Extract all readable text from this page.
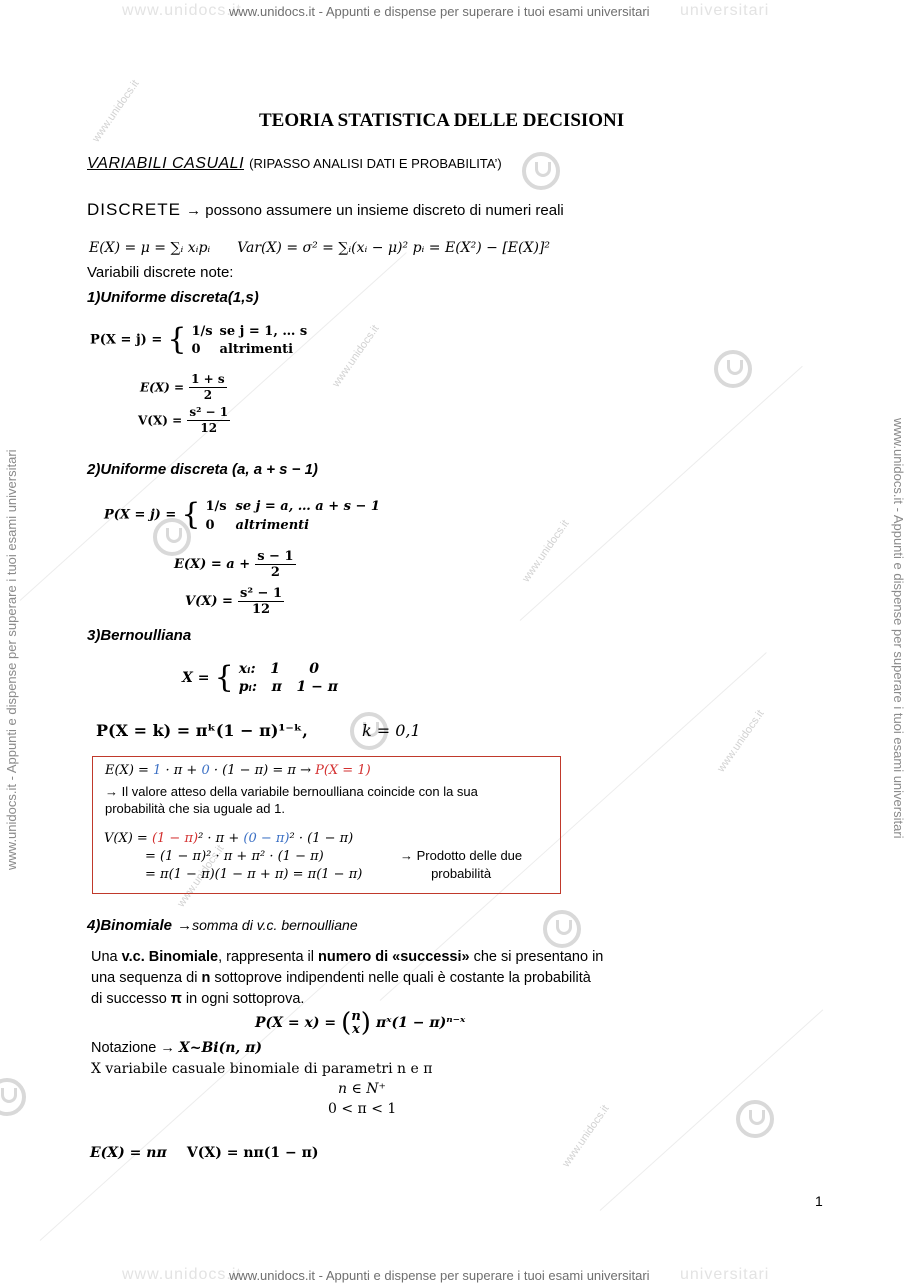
www.unidocs.it	universitari
www.unidocs.it - Appunti e dispense per superare i tuoi esami universitari
www.unidocs.it	universitari
www.unidocs.it - Appunti e dispense per superare i tuoi esami universitari
www.unidocs.it - Appunti e dispense per superare i tuoi esami universitari	www.unidocs.it - Appunti e dispense per superare i tuoi esami universitari
www.unidocs.it
www.unidocs.it
www.unidocs.it
www.unidocs.it
www.unidocs.it
www.unidocs.it
TEORIA STATISTICA DELLE DECISIONI
VARIABILI CASUALI (RIPASSO ANALISI DATI E PROBABILITA’)
DISCRETE → possono assumere un insieme discreto di numeri reali
E(X) = μ = ∑ᵢ xᵢpᵢ Var(X) = σ² = ∑ᵢ(xᵢ − μ)² pᵢ = E(X²) − [E(X)]²
Variabili discrete note:
1)Uniforme discreta(1,s)
P(X = j) = { 1/s se j = 1, … s
0 altrimenti
$E(X) = \frac{1 + s}{2}$
$V(X) = \frac{\text{s² − 1}}{12}$
2)Uniforme discreta (a, a + s − 1)
P(X = j) = { 1/s se j = a, … a + s − 1
0 altrimenti
$E(X) = a + \frac{s - 1}{2}$
$V(X) = \frac{\text{s² − 1}}{12}$
3)Bernoulliana
X = { xᵢ:   1      0
pᵢ:   π   1 − π
P(X = k) = πᵏ(1 − π)¹⁻ᵏ,	k = 0,1
E(X) = 1 · π + 0 · (1 − π) = π → P(X = 1)
→ Il valore atteso della variabile bernoulliana coincide con la sua
probabilità che sia uguale ad 1.
V(X) = (1 − π)² · π + (0 − π)² · (1 − π)
= (1 − π)² · π + π² · (1 − π)
= π(1 − π)(1 − π + π) = π(1 − π)
→ Prodotto delle due
probabilità
4)Binomiale →somma di v.c. bernoulliane
Una v.c. Binomiale, rappresenta il numero di «successi» che si presentano in
una sequenza di n sottoprove indipendenti nelle quali è costante la probabilità
di successo π in ogni sottoprova.
P(X = x) = ( n
x ) πˣ(1 − π)ⁿ⁻ˣ
Notazione → X~Bi(n, π)
X variabile casuale binomiale di parametri n e π
n ∈ N⁺
0 < π < 1
E(X) = nπ V(X) = nπ(1 − π)
1
